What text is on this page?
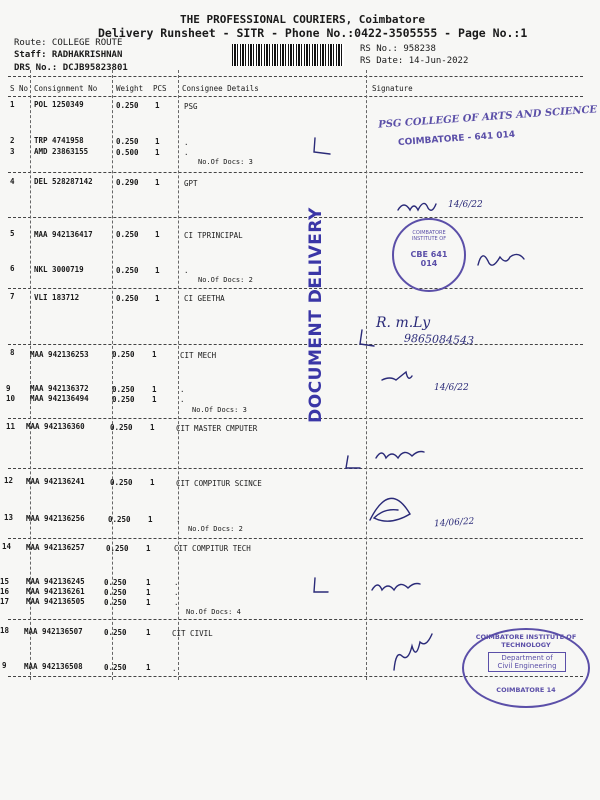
THE PROFESSIONAL COURIERS, Coimbatore
Delivery Runsheet - SITR - Phone No.:0422-3505555 - Page No.:1
Route: COLLEGE ROUTE
Staff: RADHAKRISHNAN
DRS No.: DCJB95823801
RS No.: 958238
RS Date: 14-Jun-2022
S No Consignment No	Weight PCS Consignee Details	Signature
1	POL 1250349	0.250 1	PSG
2	TRP 4741958	0.250 1	.
3	AMD 23863155	0.500 1	.
No.Of Docs: 3
4	DEL 528287142	0.290 1	GPT
5	MAA 942136417	0.250 1	CI TPRINCIPAL
6	NKL 3000719	0.250 1	.
No.Of Docs: 2
7	VLI 183712	0.250 1	CI GEETHA
8 MAA 942136253	0.250 1	CIT MECH
9	MAA 942136372	0.250 1	.
10 MAA 942136494	0.250 1	.
No.Of Docs: 3
11 MAA 942136360	0.250 1	CIT MASTER CMPUTER
12 MAA 942136241	0.250 1	CIT COMPITUR SCINCE
13 MAA 942136256	0.250 1	.
No.Of Docs: 2
14 MAA 942136257	0.250 1	CIT COMPITUR TECH
15 MAA 942136245	0.250	1	.
16 MAA 942136261	0.250	1	.
17 MAA 942136505	0.250	1	.
No.Of Docs: 4
18 MAA 942136507	0.250	1	CIT CIVIL
9 MAA 942136508	0.250	1	.
DOCUMENT DELIVERY
PSG COLLEGE OF ARTS AND SCIENCE
COIMBATORE - 641 014
COIMBATORE INSTITUTE OF
CBE 641 014
COIMBATORE INSTITUTE OF TECHNOLOGY
Department of
Civil Engineering
COIMBATORE 14
R. m.Ly
9865084543
14/6/22
14/6/22
14/06/22
